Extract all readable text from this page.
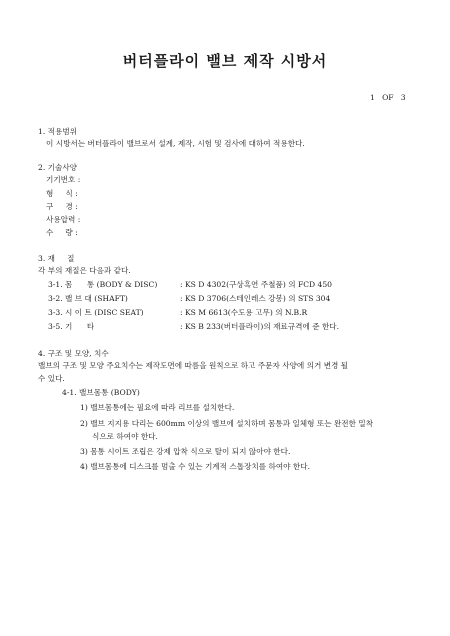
버터플라이 밸브 제작 시방서
1   OF   3
1. 적용범위
이 시방서는 버터플라이 밸브로서 설계, 제작, 시험 및 검사에 대하여 적용한다.
2. 기술사양
기기번호 :
형     식 :
구     경 :
사용압력 :
수     량 :
3. 재     질
각 부의 재질은 다음과 같다.
3-1. 몸      통 (BODY & DISC)	: KS D 4302(구상흑연 주철품) 의 FCD 450
3-2. 밸 브 대 (SHAFT)	: KS D 3706(스테인레스 강봉) 의 STS 304
3-3. 시 이 트 (DISC SEAT)	: KS M 6613(수도용 고무) 의 N.B.R
3-5. 기      타	: KS B 233(버터플라이)의 재료규격에 준 한다.
4. 구조 및 모양, 치수
밸브의 구조 및 모양 주요치수는 제작도면에 따름을 원칙으로 하고 주문자 사양에 의거 변경 될
수 있다.
4-1. 밸브몸통 (BODY)
1) 밸브몸통에는 필요에 따라 리브를 설치한다.
2) 밸브 지지용 다리는 600mm 이상의 밸브에 설치하며 몸통과 일체형 또는 완전한 밀착
식으로 하여야 한다.
3) 몸통 시이트 조립은 강제 압착 식으로 탈이 되지 않아야 한다.
4) 밸브몸통에 디스크를 멈출 수 있는 기계적 스톱장치를 하여야 한다.
